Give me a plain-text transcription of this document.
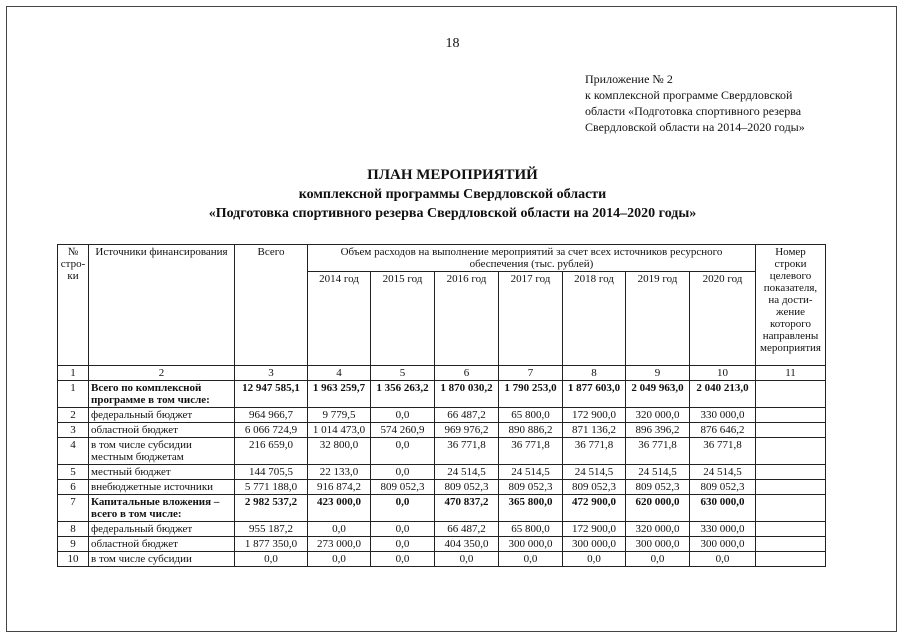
18
Приложение № 2
к комплексной программе Свердловской
области «Подготовка спортивного резерва
Свердловской области на 2014–2020 годы»
ПЛАН МЕРОПРИЯТИЙ
комплексной программы Свердловской области
«Подготовка спортивного резерва Свердловской области на 2014–2020 годы»
№ стро-ки	Источники финансирования	Всего	Объем расходов на выполнение мероприятий за счет всех источников ресурсного обеспечения (тыс. рублей)							Номер строки целевого показателя, на дости-жение которого направлены мероприятия
			2014 год	2015 год	2016 год	2017 год	2018 год	2019 год	2020 год	
1	2	3	4	5	6	7	8	9	10	11
1	Всего по комплексной программе в том числе:	12 947 585,1	1 963 259,7	1 356 263,2	1 870 030,2	1 790 253,0	1 877 603,0	2 049 963,0	2 040 213,0	
2	федеральный бюджет	964 966,7	9 779,5	0,0	66 487,2	65 800,0	172 900,0	320 000,0	330 000,0	
3	областной бюджет	6 066 724,9	1 014 473,0	574 260,9	969 976,2	890 886,2	871 136,2	896 396,2	876 646,2	
4	в том числе субсидии местным бюджетам	216 659,0	32 800,0	0,0	36 771,8	36 771,8	36 771,8	36 771,8	36 771,8	
5	местный бюджет	144 705,5	22 133,0	0,0	24 514,5	24 514,5	24 514,5	24 514,5	24 514,5	
6	внебюджетные источники	5 771 188,0	916 874,2	809 052,3	809 052,3	809 052,3	809 052,3	809 052,3	809 052,3	
7	Капитальные вложения – всего в том числе:	2 982 537,2	423 000,0	0,0	470 837,2	365 800,0	472 900,0	620 000,0	630 000,0	
8	федеральный бюджет	955 187,2	0,0	0,0	66 487,2	65 800,0	172 900,0	320 000,0	330 000,0	
9	областной бюджет	1 877 350,0	273 000,0	0,0	404 350,0	300 000,0	300 000,0	300 000,0	300 000,0	
10	в том числе субсидии	0,0	0,0	0,0	0,0	0,0	0,0	0,0	0,0	
